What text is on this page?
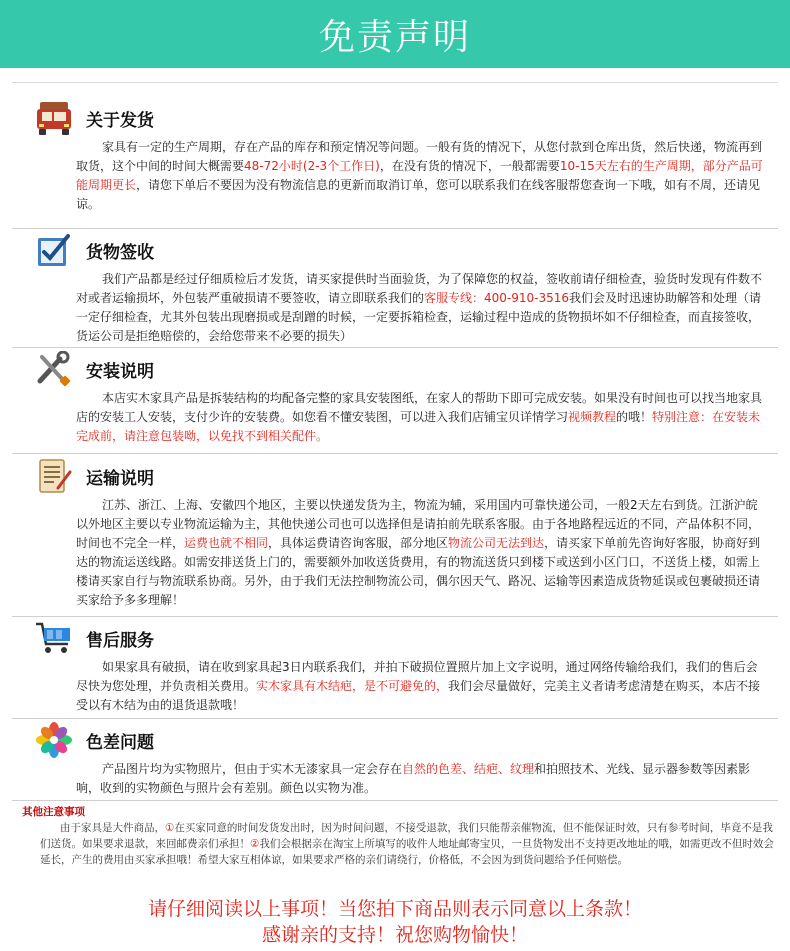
免责声明
关于发货
家具有一定的生产周期，存在产品的库存和预定情况等问题。一般有货的情况下，从您付款到仓库出货，然后快递，物流再到取货，这个中间的时间大概需要48-72小时(2-3个工作日)，在没有货的情况下，一般都需要10-15天左右的生产周期，部分产品可能周期更长，请您下单后不要因为没有物流信息的更新而取消订单，您可以联系我们在线客服帮您查询一下哦，如有不周，还请见谅。
货物签收
我们产品都是经过仔细质检后才发货，请买家提供时当面验货，为了保障您的权益，签收前请仔细检查，验货时发现有件数不对或者运输损坏，外包装严重破损请不要签收，请立即联系我们的客服专线：400-910-3516我们会及时迅速协助解答和处理（请一定仔细检查，尤其外包装出现磨损或是刮蹭的时候，一定要拆箱检查，运输过程中造成的货物损坏如不仔细检查，而直接签收，货运公司是拒绝赔偿的，会给您带来不必要的损失）
安装说明
本店实木家具产品是拆装结构的均配备完整的家具安装图纸，在家人的帮助下即可完成安装。如果没有时间也可以找当地家具店的安装工人安装，支付少许的安装费。如您看不懂安装图，可以进入我们店铺宝贝详情学习视频教程的哦！特别注意：在安装未完成前，请注意包装呦，以免找不到相关配件。
运输说明
江苏、浙江、上海、安徽四个地区，主要以快递发货为主，物流为辅，采用国内可靠快递公司，一般2天左右到货。江浙沪皖以外地区主要以专业物流运输为主，其他快递公司也可以选择但是请拍前先联系客服。由于各地路程远近的不同，产品体积不同，时间也不完全一样，运费也就不相同，具体运费请咨询客服，部分地区物流公司无法到达，请买家下单前先咨询好客服，协商好到达的物流运送线路。如需安排送货上门的，需要额外加收送货费用，有的物流送货只到楼下或送到小区门口，不送货上楼，如需上楼请买家自行与物流联系协商。另外，由于我们无法控制物流公司，偶尔因天气、路况、运输等因素造成货物延误或包裹破损还请买家给予多多理解！
售后服务
如果家具有破损，请在收到家具起3日内联系我们，并拍下破损位置照片加上文字说明，通过网络传输给我们，我们的售后会尽快为您处理，并负责相关费用。实木家具有木结疤，是不可避免的，我们会尽量做好，完美主义者请考虑清楚在购买，本店不接受以有木结为由的退货退款哦！
色差问题
产品图片均为实物照片，但由于实木无漆家具一定会存在自然的色差、结疤、纹理和拍照技术、光线、显示器参数等因素影响，收到的实物颜色与照片会有差别。颜色以实物为准。
其他注意事项
由于家具是大件商品，①在买家同意的时间发货发出时，因为时间问题，不接受退款，我们只能帮亲催物流，但不能保证时效，只有参考时间，毕竟不是我们送货。如果要求退款，来回邮费亲们承担！②我们会根据亲在淘宝上所填写的收件人地址邮寄宝贝，一旦货物发出不支持更改地址的哦，如需更改不但时效会延长，产生的费用由买家承担哦！希望大家互相体谅，如果要求严格的亲们请绕行，价格低，不会因为到货问题给予任何赔偿。
请仔细阅读以上事项！当您拍下商品则表示同意以上条款！
感谢亲的支持！祝您购物愉快！
